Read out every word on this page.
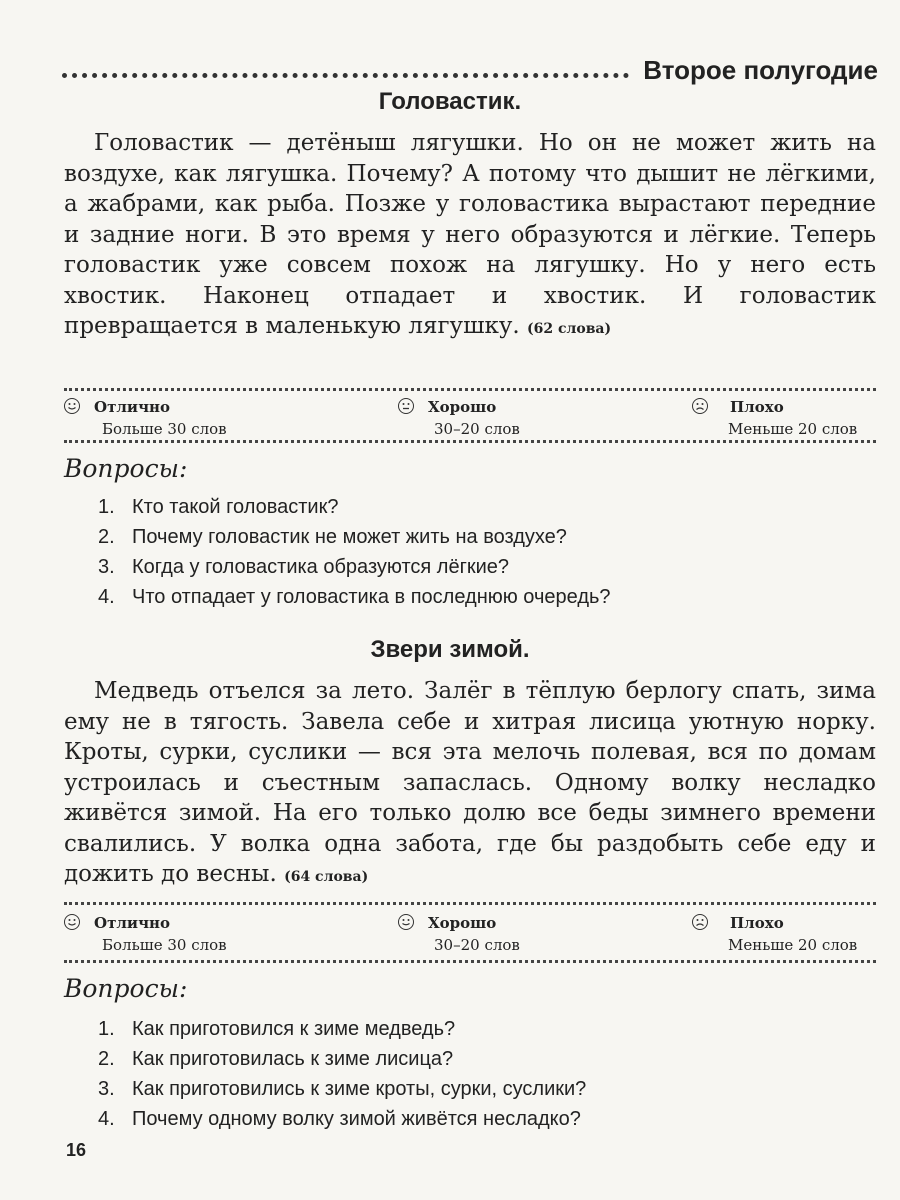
Второе полугодие
Головастик.
Головастик — детёныш лягушки. Но он не может жить на воздухе, как лягушка. Почему? А потому что дышит не лёгкими, а жабрами, как рыба. Позже у головастика вырастают передние и задние ноги. В это время у него образуются и лёгкие. Теперь головастик уже совсем похож на лягушку. Но у него есть хвостик. Наконец отпадает и хвостик. И головастик превращается в маленькую лягушку. (62 слова)
Отлично
Больше 30 слов
Хорошо
30–20 слов
Плохо
Меньше 20 слов
Вопросы:
1. Кто такой головастик?
2. Почему головастик не может жить на воздухе?
3. Когда у головастика образуются лёгкие?
4. Что отпадает у головастика в последнюю очередь?
Звери зимой.
Медведь отъелся за лето. Залёг в тёплую берлогу спать, зима ему не в тягость. Завела себе и хитрая лисица уютную норку. Кроты, сурки, суслики — вся эта мелочь полевая, вся по домам устроилась и съестным запаслась. Одному волку несладко живётся зимой. На его только долю все беды зимнего времени свалились. У волка одна забота, где бы раздобыть себе еду и дожить до весны. (64 слова)
Отлично
Больше 30 слов
Хорошо
30–20 слов
Плохо
Меньше 20 слов
Вопросы:
1. Как приготовился к зиме медведь?
2. Как приготовилась к зиме лисица?
3. Как приготовились к зиме кроты, сурки, суслики?
4. Почему одному волку зимой живётся несладко?
16
